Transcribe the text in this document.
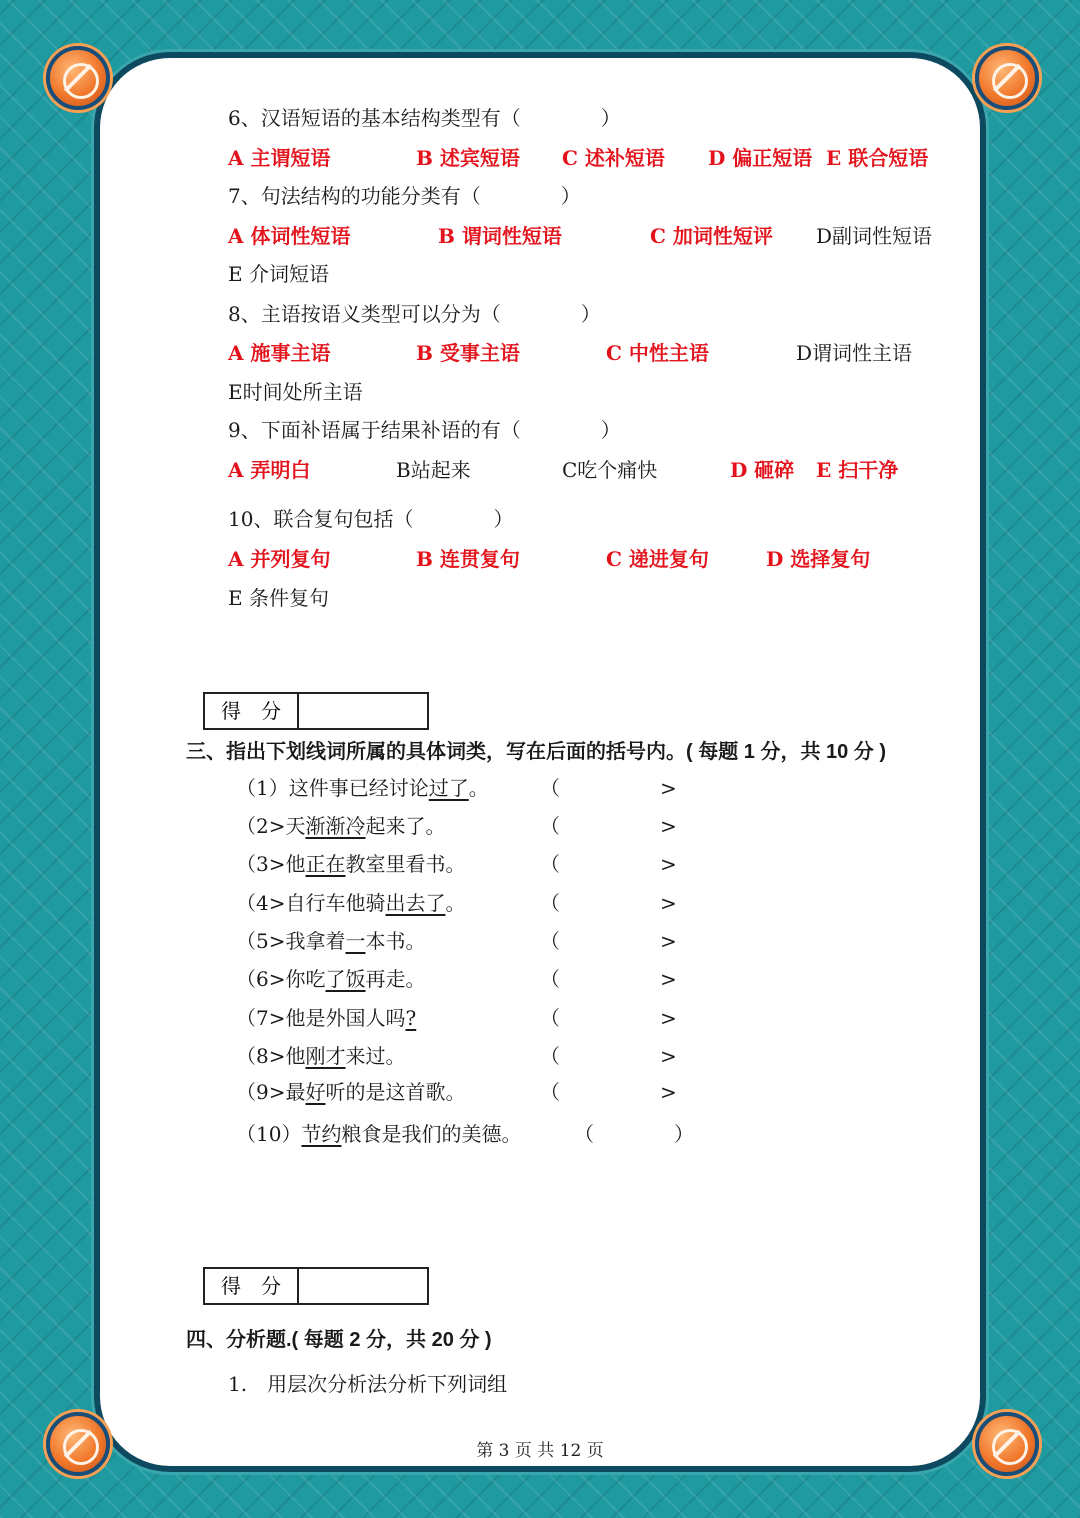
6、汉语短语的基本结构类型有（　　　　）
A 主谓短语	B 述宾短语 C 述补短语 D 偏正短语 E 联合短语
7、句法结构的功能分类有（　　　　）
A 体词性短语	B 谓词性短语	C 加词性短评 D副词性短语
E 介词短语
8、主语按语义类型可以分为（　　　　）
A 施事主语	B 受事主语	C 中性主语	D谓词性主语
E时间处所主语
9、下面补语属于结果补语的有（　　　　）
A 弄明白	B站起来	C吃个痛快	D 砸碎 E 扫干净
10、联合复句包括（　　　　）
A 并列复句	B 连贯复句	C 递进复句	D 选择复句
E 条件复句
得　分
三、指出下划线词所属的具体词类，写在后面的括号内。( 每题 1 分，共 10 分 )
（1）这件事已经讨论过了。	（　　　　　>
（2>天渐渐冷起来了。	（　　　　　>
（3>他正在教室里看书。	（　　　　　>
（4>自行车他骑出去了。	（　　　　　>
（5>我拿着一本书。	（　　　　　>
（6>你吃了饭再走。	（　　　　　>
（7>他是外国人吗?	（　　　　　>
（8>他刚才来过。	（　　　　　>
（9>最好听的是这首歌。	（　　　　　>
（10）节约粮食是我们的美德。	（　　　　）
得　分
四、分析题.( 每题 2 分，共 20 分 )
1.　用层次分析法分析下列词组
第 3 页 共 12 页
